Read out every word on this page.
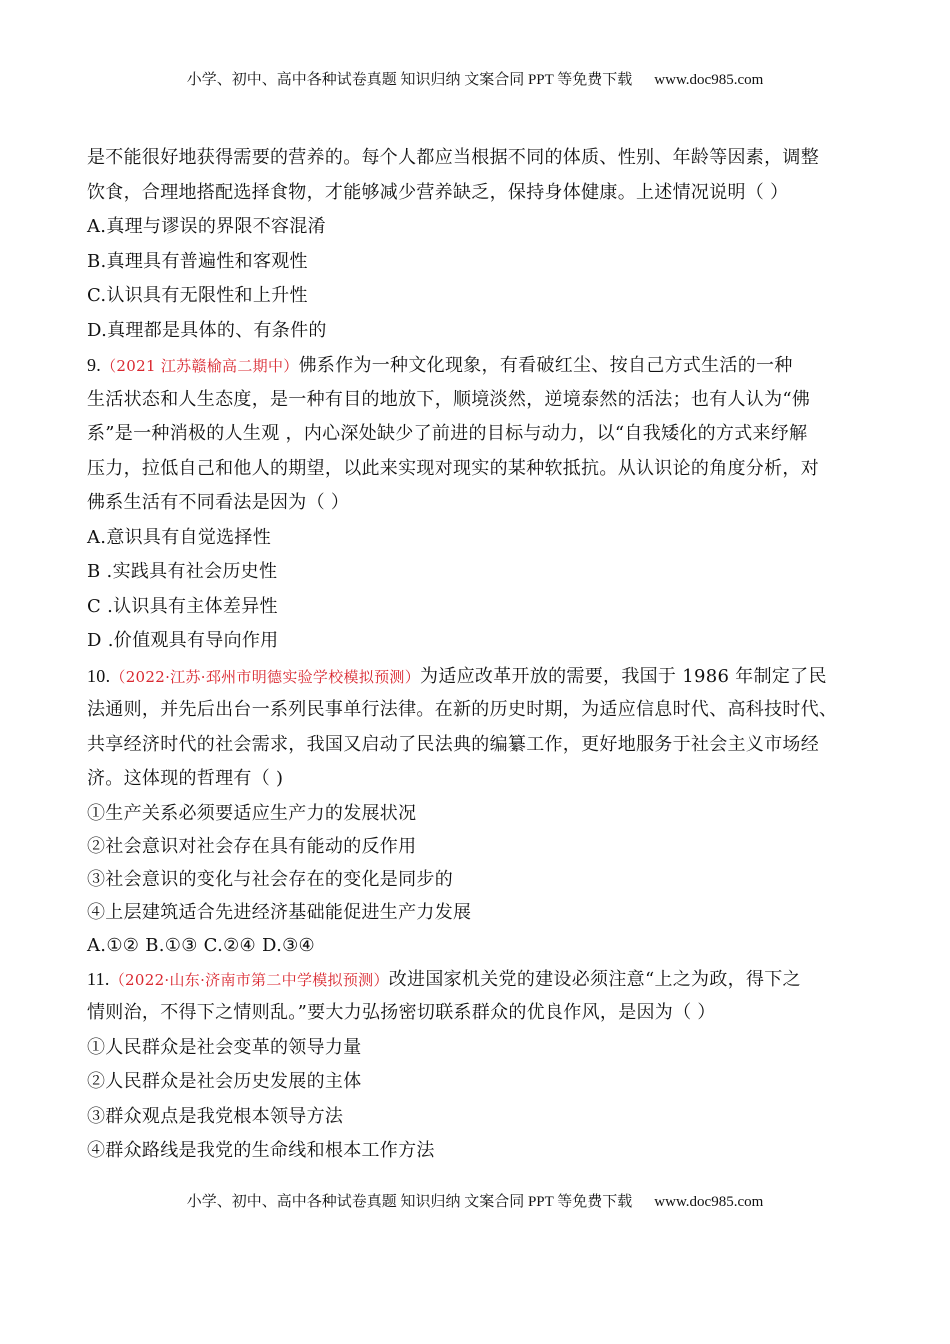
小学、初中、高中各种试卷真题 知识归纳 文案合同 PPT 等免费下载 www.doc985.com
是不能很好地获得需要的营养的。每个人都应当根据不同的体质、性别、年龄等因素，调整
饮食，合理地搭配选择食物，才能够减少营养缺乏，保持身体健康。上述情况说明（ ）
A.真理与谬误的界限不容混淆
B.真理具有普遍性和客观性
C.认识具有无限性和上升性
D.真理都是具体的、有条件的
9.（2021 江苏赣榆高二期中）佛系作为一种文化现象，有看破红尘、按自己方式生活的一种
生活状态和人生态度，是一种有目的地放下，顺境淡然，逆境泰然的活法；也有人认为“佛
系”是一种消极的人生观 ，内心深处缺少了前进的目标与动力，以“自我矮化的方式来纾解
压力，拉低自己和他人的期望，以此来实现对现实的某种软抵抗。从认识论的角度分析，对
佛系生活有不同看法是因为（ ）
A.意识具有自觉选择性
B .实践具有社会历史性
C .认识具有主体差异性
D .价值观具有导向作用
10.（2022·江苏·邳州市明德实验学校模拟预测）为适应改革开放的需要，我国于 1986 年制定了民
法通则，并先后出台一系列民事单行法律。在新的历史时期，为适应信息时代、高科技时代、
共享经济时代的社会需求，我国又启动了民法典的编纂工作，更好地服务于社会主义市场经
济。这体现的哲理有（ )
①生产关系必须要适应生产力的发展状况
②社会意识对社会存在具有能动的反作用
③社会意识的变化与社会存在的变化是同步的
④上层建筑适合先进经济基础能促进生产力发展
A.①② B.①③ C.②④ D.③④
11.（2022·山东·济南市第二中学模拟预测）改进国家机关党的建设必须注意“上之为政，得下之
情则治，不得下之情则乱。”要大力弘扬密切联系群众的优良作风，是因为（ ）
①人民群众是社会变革的领导力量
②人民群众是社会历史发展的主体
③群众观点是我党根本领导方法
④群众路线是我党的生命线和根本工作方法
小学、初中、高中各种试卷真题 知识归纳 文案合同 PPT 等免费下载 www.doc985.com
